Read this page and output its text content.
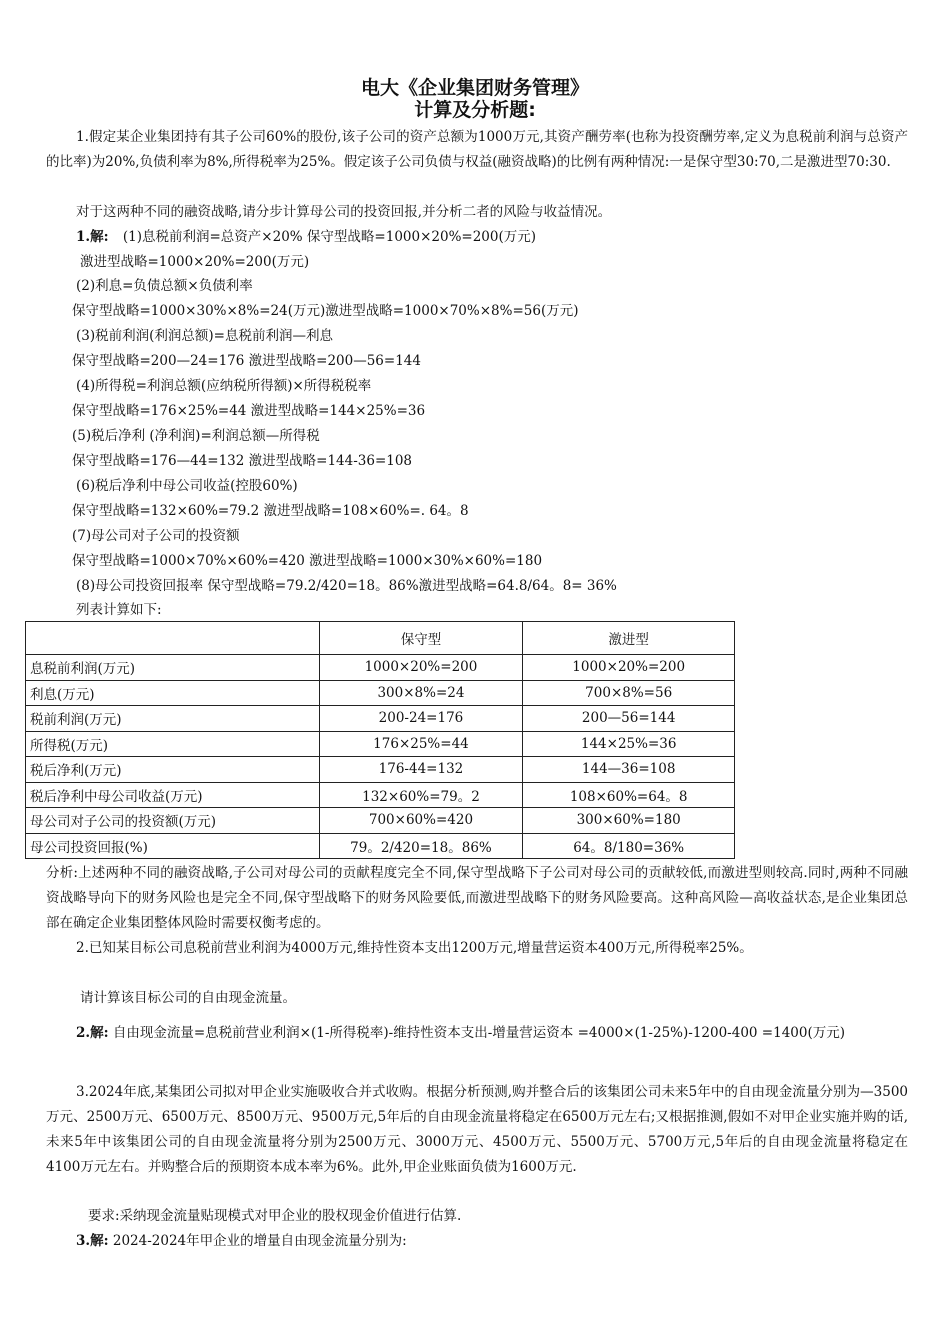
电大《企业集团财务管理》
计算及分析题:
1.假定某企业集团持有其子公司60%的股份,该子公司的资产总额为1000万元,其资产酬劳率(也称为投资酬劳率,定义为息税前利润与总资产的比率)为20%,负债利率为8%,所得税率为25%。假定该子公司负债与权益(融资战略)的比例有两种情况:一是保守型30:70,二是激进型70:30.
对于这两种不同的融资战略,请分步计算母公司的投资回报,并分析二者的风险与收益情况。
1.解: (1)息税前利润=总资产×20% 保守型战略=1000×20%=200(万元)
激进型战略=1000×20%=200(万元)
(2)利息=负债总额×负债利率
保守型战略=1000×30%×8%=24(万元)激进型战略=1000×70%×8%=56(万元)
(3)税前利润(利润总额)=息税前利润—利息
保守型战略=200—24=176 激进型战略=200—56=144
(4)所得税=利润总额(应纳税所得额)×所得税税率
保守型战略=176×25%=44 激进型战略=144×25%=36
(5)税后净利 (净利润)=利润总额—所得税
保守型战略=176—44=132 激进型战略=144-36=108
(6)税后净利中母公司收益(控股60%)
保守型战略=132×60%=79.2 激进型战略=108×60%=. 64。8
(7)母公司对子公司的投资额
保守型战略=1000×70%×60%=420 激进型战略=1000×30%×60%=180
(8)母公司投资回报率 保守型战略=79.2/420=18。86%激进型战略=64.8/64。8= 36%
列表计算如下:
	保守型	激进型
息税前利润(万元)	1000×20%=200	1000×20%=200
利息(万元)	300×8%=24	700×8%=56
税前利润(万元)	200-24=176	200—56=144
所得税(万元)	176×25%=44	144×25%=36
税后净利(万元)	176-44=132	144—36=108
税后净利中母公司收益(万元)	132×60%=79。2	108×60%=64。8
母公司对子公司的投资额(万元)	700×60%=420	300×60%=180
母公司投资回报(%)	79。2/420=18。86%	64。8/180=36%
分析:上述两种不同的融资战略,子公司对母公司的贡献程度完全不同,保守型战略下子公司对母公司的贡献较低,而激进型则较高.同时,两种不同融资战略导向下的财务风险也是完全不同,保守型战略下的财务风险要低,而激进型战略下的财务风险要高。这种高风险—高收益状态,是企业集团总部在确定企业集团整体风险时需要权衡考虑的。
2.已知某目标公司息税前营业利润为4000万元,维持性资本支出1200万元,增量营运资本400万元,所得税率25%。
请计算该目标公司的自由现金流量。
2.解: 自由现金流量=息税前营业利润×(1-所得税率)-维持性资本支出-增量营运资本 =4000×(1-25%)-1200-400 =1400(万元)
3.2024年底,某集团公司拟对甲企业实施吸收合并式收购。根据分析预测,购并整合后的该集团公司未来5年中的自由现金流量分别为—3500万元、2500万元、6500万元、8500万元、9500万元,5年后的自由现金流量将稳定在6500万元左右;又根据推测,假如不对甲企业实施并购的话,未来5年中该集团公司的自由现金流量将分别为2500万元、3000万元、4500万元、5500万元、5700万元,5年后的自由现金流量将稳定在4100万元左右。并购整合后的预期资本成本率为6%。此外,甲企业账面负债为1600万元.
要求:采纳现金流量贴现模式对甲企业的股权现金价值进行估算.
3.解: 2024-2024年甲企业的增量自由现金流量分别为:
